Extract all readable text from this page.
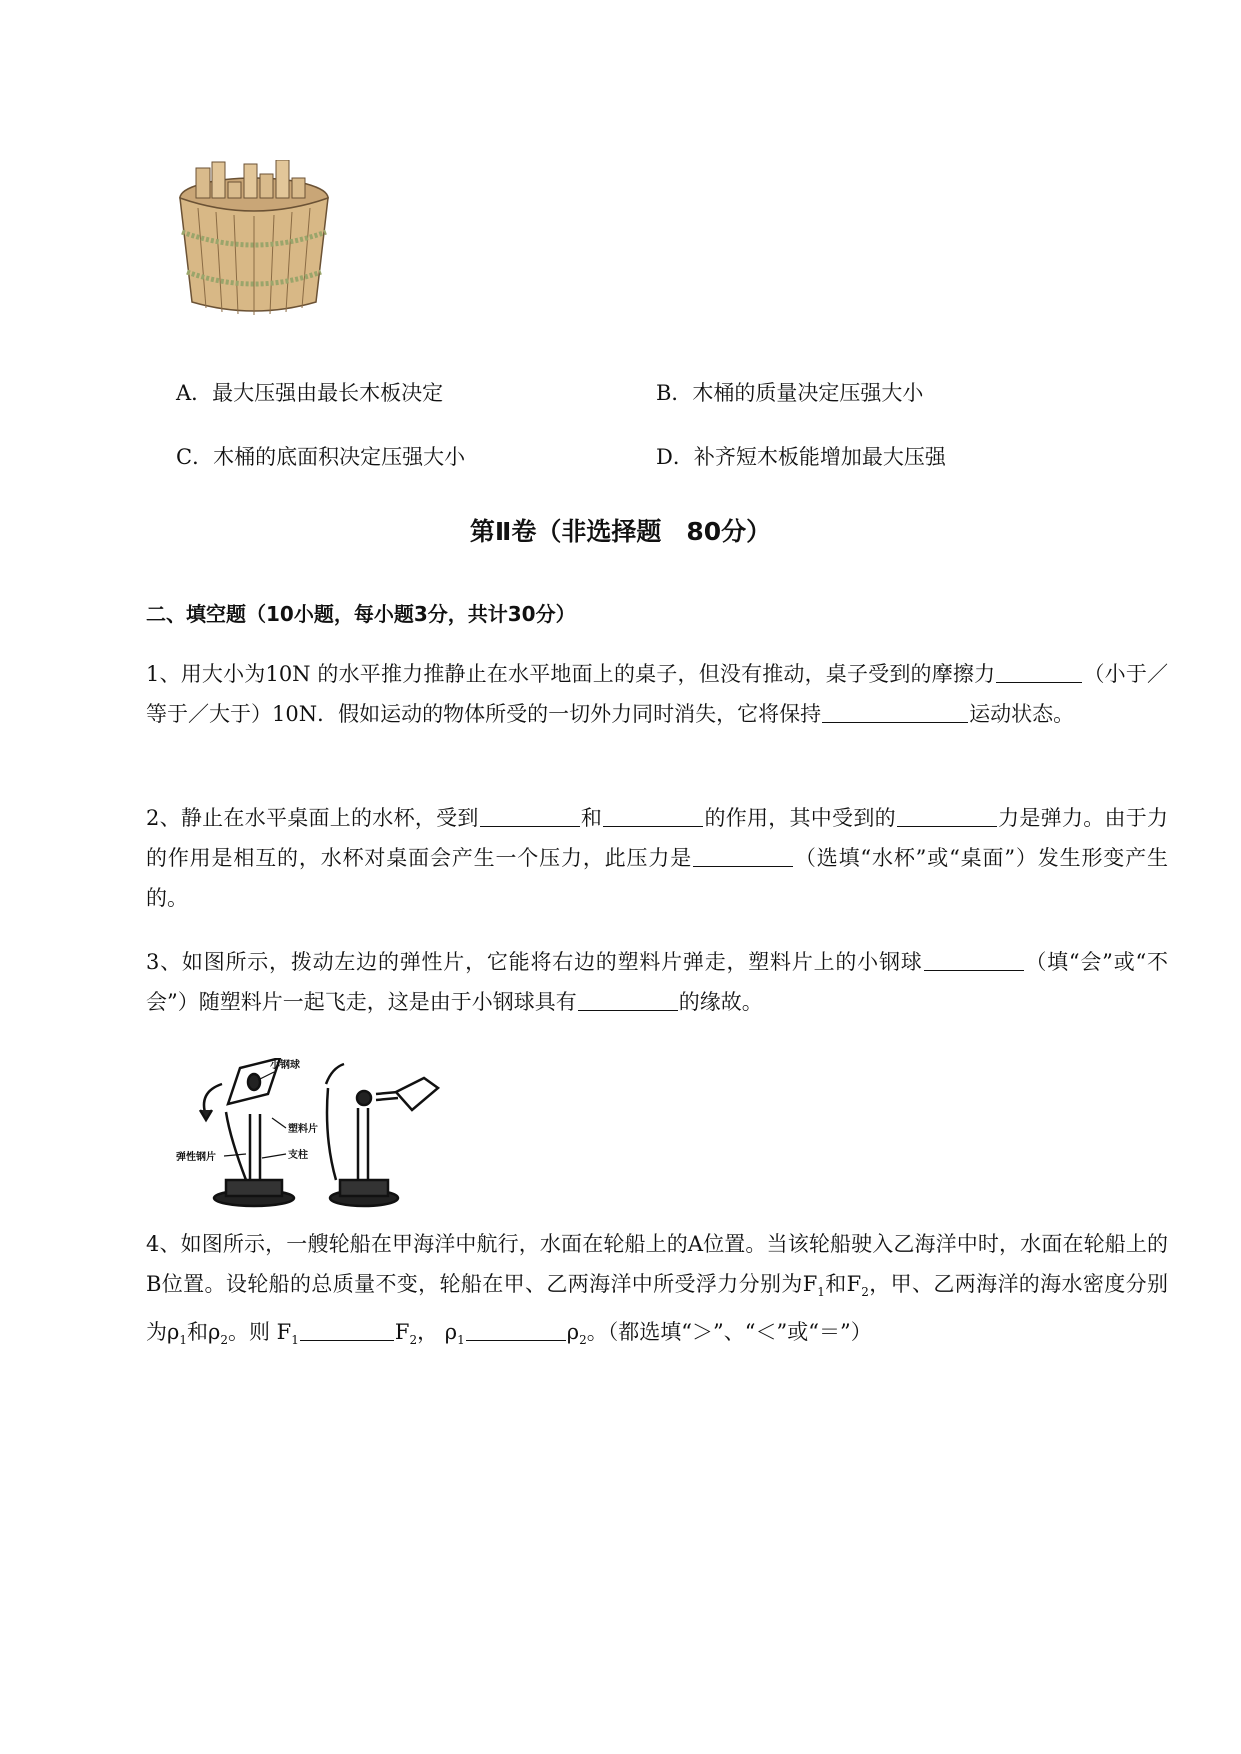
A．最大压强由最长木板决定	B．木桶的质量决定压强大小
C．木桶的底面积决定压强大小	D．补齐短木板能增加最大压强
第Ⅱ卷（非选择题　80分）
二、填空题（10小题，每小题3分，共计30分）
1、用大小为10N 的水平推力推静止在水平地面上的桌子，但没有推动，桌子受到的摩擦力	（小于／等于／大于）10N．假如运动的物体所受的一切外力同时消失，它将保持	运动状态。
2、静止在水平桌面上的水杯，受到	和	的作用，其中受到的	力是弹力。由于力的作用是相互的，水杯对桌面会产生一个压力，此压力是	（选填“水杯”或“桌面”）发生形变产生的。
3、如图所示，拨动左边的弹性片，它能将右边的塑料片弹走，塑料片上的小钢球	（填“会”或“不会”）随塑料片一起飞走，这是由于小钢球具有	的缘故。
小钢球
塑料片
弹性钢片	支柱
4、如图所示，一艘轮船在甲海洋中航行，水面在轮船上的A位置。当该轮船驶入乙海洋中时，水面在轮船上的B位置。设轮船的总质量不变，轮船在甲、乙两海洋中所受浮力分别为$F_1$和$F_2$，甲、乙两海洋的海水密度分别为$\rho_1$和$\rho_2$。则 $F_1$	$F_2$， $\rho_1$	$\rho_2$。（都选填“＞”、“＜”或“＝”）
